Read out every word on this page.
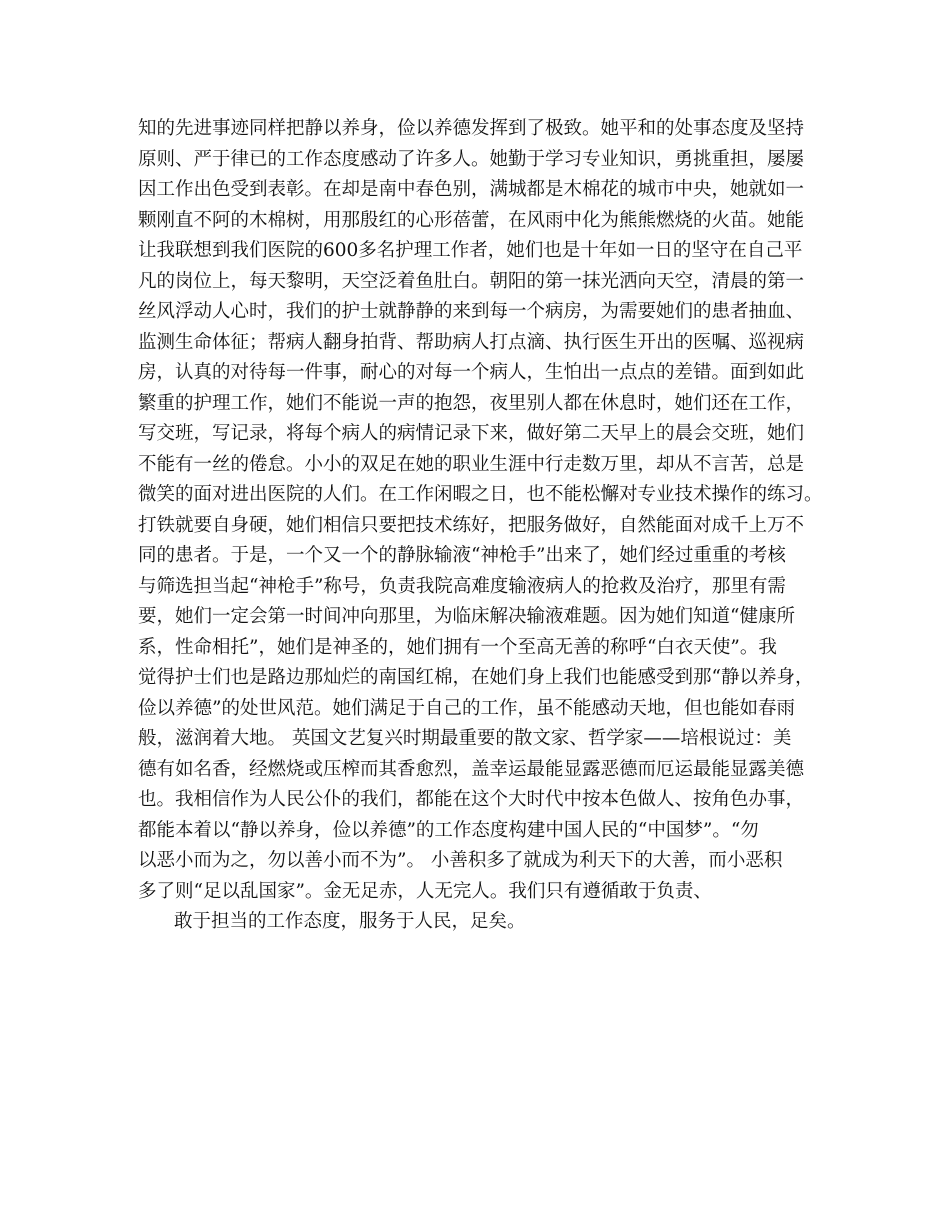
知的先进事迹同样把静以养身，俭以养德发挥到了极致。她平和的处事态度及坚持
原则、严于律已的工作态度感动了许多人。她勤于学习专业知识，勇挑重担，屡屡
因工作出色受到表彰。在却是南中春色别，满城都是木棉花的城市中央，她就如一
颗刚直不阿的木棉树，用那殷红的心形蓓蕾，在风雨中化为熊熊燃烧的火苗。她能
让我联想到我们医院的600多名护理工作者，她们也是十年如一日的坚守在自己平
凡的岗位上，每天黎明，天空泛着鱼肚白。朝阳的第一抹光洒向天空，清晨的第一
丝风浮动人心时，我们的护士就静静的来到每一个病房，为需要她们的患者抽血、
监测生命体征；帮病人翻身拍背、帮助病人打点滴、执行医生开出的医嘱、巡视病
房，认真的对待每一件事，耐心的对每一个病人，生怕出一点点的差错。面到如此
繁重的护理工作，她们不能说一声的抱怨，夜里别人都在休息时，她们还在工作，
写交班，写记录，将每个病人的病情记录下来，做好第二天早上的晨会交班，她们
不能有一丝的倦怠。小小的双足在她的职业生涯中行走数万里，却从不言苦，总是
微笑的面对进出医院的人们。在工作闲暇之日，也不能松懈对专业技术操作的练习。
打铁就要自身硬，她们相信只要把技术练好，把服务做好，自然能面对成千上万不
同的患者。于是，一个又一个的静脉输液“神枪手”出来了，她们经过重重的考核
与筛选担当起“神枪手”称号，负责我院高难度输液病人的抢救及治疗，那里有需
要，她们一定会第一时间冲向那里，为临床解决输液难题。因为她们知道“健康所
系，性命相托”，她们是神圣的，她们拥有一个至高无善的称呼“白衣天使”。我
觉得护士们也是路边那灿烂的南国红棉，在她们身上我们也能感受到那“静以养身，
俭以养德”的处世风范。她们满足于自己的工作，虽不能感动天地，但也能如春雨
般，滋润着大地。 英国文艺复兴时期最重要的散文家、哲学家——培根说过：美
德有如名香，经燃烧或压榨而其香愈烈，盖幸运最能显露恶德而厄运最能显露美德
也。我相信作为人民公仆的我们，都能在这个大时代中按本色做人、按角色办事，
都能本着以“静以养身，俭以养德”的工作态度构建中国人民的“中国梦”。“勿
以恶小而为之，勿以善小而不为”。 小善积多了就成为利天下的大善，而小恶积
多了则“足以乱国家”。金无足赤，人无完人。我们只有遵循敢于负责、
敢于担当的工作态度，服务于人民，足矣。
